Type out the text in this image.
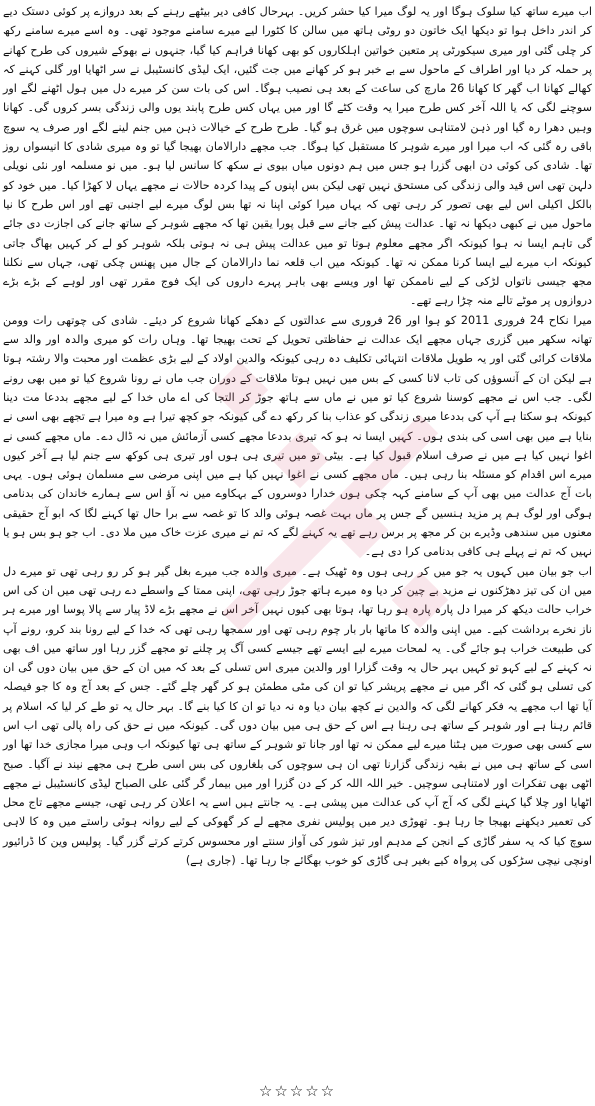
اب میرے ساتھ کیا سلوک ہوگا اور یہ لوگ میرا کیا حشر کریں۔ بہرحال کافی دیر بیٹھے رہنے کے بعد دروازے پر کوئی دستک دیے کر اندر داخل ہوا تو دیکھا ایک خاتون دو روٹی ہاتھ میں سالن کا کٹورا لیے میرے سامنے موجود تھی۔ وہ اسے میرے سامنے رکھ کر چلی گئی اور میری سیکورٹی پر متعین خواتین اہلکاروں کو بھی کھانا فراہم کیا گیا، جنہوں نے بھوکے شیروں کی طرح کھانے پر حملہ کر دیا اور اطراف کے ماحول سے بے خبر ہو کر کھانے میں جت گئیں، ایک لیڈی کانسٹیبل نے سر اٹھایا اور گلی کہنے کہ کھالے کھانا اب گھر کا کھانا 26 مارچ کی ساعت کے بعد ہی نصیب ہوگا۔ اس کی بات سن کر میرے دل میں ہول اٹھنے لگے اور سوچنے لگی کہ یا اللہ آخر کس طرح میرا یہ وقت کٹے گا اور میں یہاں کس طرح پابند یوں والی زندگی بسر کروں گی۔ کھانا وہیں دھرا رہ گیا اور ذہن لامتناہی سوچوں میں غرق ہو گیا۔ طرح طرح کے خیالات ذہن میں جنم لینے لگے اور صرف یہ سوچ باقی رہ گئی کہ اب میرا اور میرے شوہر کا مستقبل کیا ہوگا۔ جب مجھے دارالامان بھیجا گیا تو وہ میری شادی کا انیسواں روز تھا۔ شادی کی کوئی دن ابھی گزرا ہو جس میں ہم دونوں میاں بیوی نے سکھ کا سانس لیا ہو۔ میں نو مسلمہ اور نئی نویلی دلہن تھی اس قید والی زندگی کی مستحق نہیں تھی لیکن بس اپنوں کے پیدا کردہ حالات نے مجھے یہاں لا کھڑا کیا۔ میں خود کو بالکل اکیلی اس لیے بھی تصور کر رہی تھی کہ یہاں میرا کوئی اپنا نہ تھا بس لوگ میرے لیے اجنبی تھے اور اس طرح کا نیا ماحول میں نے کبھی دیکھا نہ تھا۔ عدالت پیش کیے جانے سے قبل پورا یقین تھا کہ مجھے شوہر کے ساتھ جانے کی اجازت دی جائے گی تاہم ایسا نہ ہوا کیونکہ اگر مجھے معلوم ہوتا تو میں عدالت پیش ہی نہ ہوتی بلکہ شوہر کو لے کر کہیں بھاگ جاتی کیونکہ اب میرے لیے ایسا کرنا ممکن نہ تھا۔ کیونکہ میں اب قلعہ نما دارالامان کے جال میں پھنس چکی تھی، جہاں سے نکلنا مجھ جیسی ناتواں لڑکی کے لیے ناممکن تھا اور ویسے بھی باہر پہرے داروں کی ایک فوج مقرر تھی اور لوہے کے بڑے بڑے دروازوں پر موٹے تالے منہ چڑا رہے تھے۔

میرا نکاح 24 فروری 2011 کو ہوا اور 26 فروری سے عدالتوں کے دھکے کھانا شروع کر دیئے۔ شادی کی چوتھی رات وومن تھانہ سکھر میں گزری جہاں مجھے ایک عدالت نے حفاظتی تحویل کے تحت بھیجا تھا۔ وہاں رات کو میری والدہ اور والد سے ملاقات کرائی گئی اور یہ طویل ملاقات انتہائی تکلیف دہ رہی کیونکہ والدین اولاد کے لیے بڑی عظمت اور محبت والا رشتہ ہوتا ہے لیکن ان کے آنسوؤں کی تاب لانا کسی کے بس میں نہیں ہوتا ملاقات کے دوران جب ماں نے رونا شروع کیا تو میں بھی رونے لگی۔ جب اس نے مجھے کوسنا شروع کیا تو میں نے ماں سے ہاتھ جوڑ کر التجا کی اے ماں خدا کے لیے مجھے بددعا مت دینا کیونکہ ہو سکتا ہے آپ کی بددعا میری زندگی کو عذاب بنا کر رکھ دے گی کیونکہ جو کچھ تیرا ہے وہ میرا ہے تجھے بھی اسی نے بنایا ہے میں بھی اسی کی بندی ہوں۔ کہیں ایسا نہ ہو کہ تیری بددعا مجھے کسی آزمائش میں نہ ڈال دے۔ ماں مجھے کسی نے اغوا نہیں کیا ہے میں نے صرف اسلام قبول کیا ہے۔ بیٹی تو میں تیری ہی ہوں اور تیری ہی کوکھ سے جنم لیا ہے آخر کیوں میرے اس اقدام کو مسئلہ بنا رہی ہیں۔ ماں مجھے کسی نے اغوا نہیں کیا ہے میں اپنی مرضی سے مسلمان ہوئی ہوں۔ یہی بات آج عدالت میں بھی آپ کے سامنے کہہ چکی ہوں خدارا دوسروں کے بہکاوے میں نہ آؤ اس سے ہمارے خاندان کی بدنامی ہوگی اور لوگ ہم پر مزید ہنسیں گے جس پر ماں بہت غصہ ہوئی والد کا تو غصہ سے برا حال تھا کہنے لگا کہ ابو آج حقیقی معنوں میں سندھی وڈیرے بن کر مجھ پر برس رہے تھے یہ کہنے لگے کہ تم نے میری عزت خاک میں ملا دی۔ اب جو ہو بس ہو یا نہیں کہ تم نے پہلے ہی کافی بدنامی کرا دی ہے۔

اب جو بیان میں کہوں یہ جو میں کر رہی ہوں وہ ٹھیک ہے۔ میری والدہ جب میرے بغل گیر ہو کر رو رہی تھی تو میرے دل میں ان کی تیز دھڑکنوں نے مزید بے چین کر دیا وہ میرے ہاتھ جوڑ رہی تھی، اپنی ممتا کے واسطے دے رہی تھی میں ان کی اس خراب حالت دیکھ کر میرا دل پارہ پارہ ہو رہا تھا، ہوتا بھی کیوں نہیں آخر اس نے مجھے بڑے لاڈ پیار سے پالا پوسا اور میرے ہر ناز نخرے برداشت کیے۔ میں اپنی والدہ کا ماتھا بار بار چوم رہی تھی اور سمجھا رہی تھی کہ خدا کے لیے رونا بند کرو، رونے آپ کی طبیعت خراب ہو جائے گی۔ یہ لمحات میرے لیے ایسے تھے جیسے کسی آگ پر چلنے تو مجھے گزر رہا اور ساتھ میں اف بھی نہ کہنے کے لیے کہو تو کہیں بہر حال یہ وقت گزارا اور والدین میری اس تسلی کے بعد کہ میں ان کے حق میں بیان دوں گی ان کی تسلی ہو گئی کہ اگر میں نے مجھے پریشر کیا تو ان کی مٹی مطمئن ہو کر گھر چلے گئے۔ جس کے بعد آج وہ کا جو فیصلہ آیا تھا اب مجھے یہ فکر کھانے لگی کہ والدین نے کچھ بیان دیا وہ نہ دیا تو ان کا کیا بنے گا۔ بہر حال یہ تو طے کر لیا کہ اسلام پر قائم رہنا ہے اور شوہر کے ساتھ ہی رہنا ہے اس کے حق ہی میں بیان دوں گی۔ کیونکہ میں نے حق کی راہ پالی تھی اب اس سے کسی بھی صورت میں ہٹنا میرے لیے ممکن نہ تھا اور جانا تو شوہر کے ساتھ ہی تھا کیونکہ اب وہی میرا مجازی خدا تھا اور اسی کے ساتھ ہی میں نے بقیہ زندگی گزارنا تھی ان ہی سوچوں کی بلغاروں کی بس اسی طرح ہی مجھے نیند نے آگیا۔ صبح اٹھی بھی تفکرات اور لامتناہی سوچیں۔ خیر اللہ اللہ کر کے دن گزرا اور میں بیمار گر گئی علی الصباح لیڈی کانسٹیبل نے مجھے اٹھایا اور چلا گیا کہنے لگی کہ آج آپ کی عدالت میں پیشی ہے۔ یہ جانتے ہیں اسے یہ اعلان کر رہی تھی، جیسے مجھے تاج محل کی تعمیر دیکھنے بھیجا جا رہا ہو۔ تھوڑی دیر میں پولیس نفری مجھے لے کر گھوکی کے لیے روانہ ہوئی راستے میں وہ کا لاہی سوچ کیا کہ یہ سفر گاڑی کے انجن کے مدہم اور تیز شور کی آواز سنتے اور محسوس کرتے کرتے گزر گیا۔ پولیس وین کا ڈرائیور اونچی نیچی سڑکوں کی پرواہ کیے بغیر ہی گاڑی کو خوب بھگائے جا رہا تھا۔ (جاری ہے)

☆☆☆☆☆
